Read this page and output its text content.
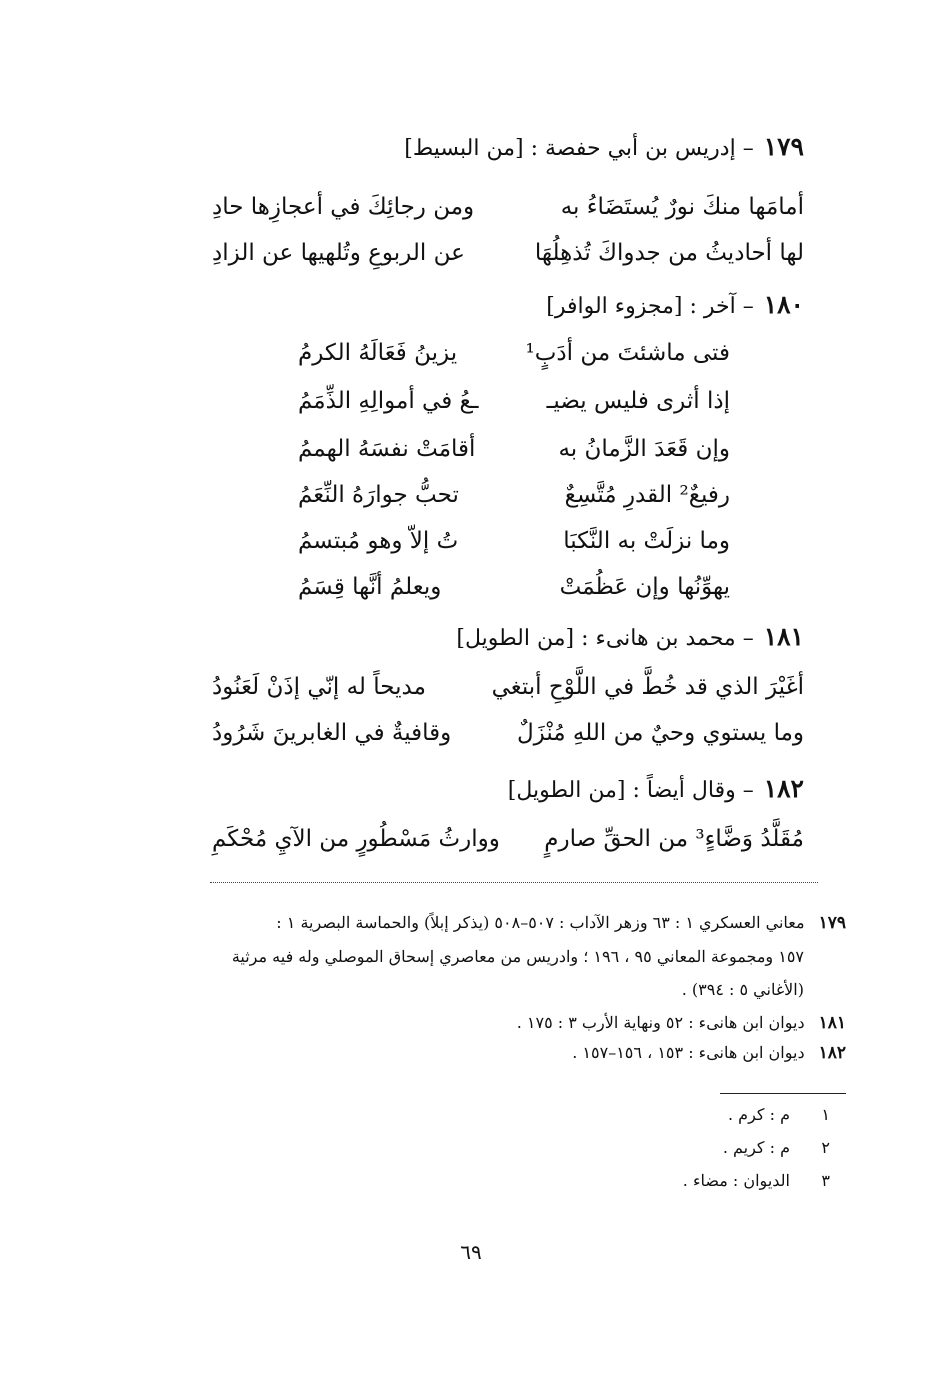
١٧٩– إدريس بن أبي حفصة : [من البسيط]
أمامَها منكَ نورٌ يُستَضَاءُ به
ومن رجائِكَ في أعجازِها حادِ
لها أحاديثُ من جدواكَ تُذهِلُهَا
عن الربوعِ وتُلهيها عن الزادِ
١٨٠– آخر : [مجزوء الوافر]
فتى ماشئتَ من أدَبٍ¹
يزينُ فَعَالَهُ الكرمُ
إذا أثرى فليس يضيـ
ـعُ في أموالِهِ الذِّمَمُ
وإن قَعَدَ الزَّمانُ به
أقامَتْ نفسَهُ الهممُ
رفيعٌ² القدرِ مُتَّسِعٌ
تحبُّ جوارَهُ النِّعَمُ
وما نزلَتْ به النَّكبَا
تُ إلاّ وهو مُبتسمُ
يهوِّنُها وإن عَظُمَتْ
ويعلمُ أنَّها قِسَمُ
١٨١– محمد بن هانىء : [من الطويل]
أغَيْرَ الذي قد خُطَّ في اللَّوْحِ أبتغي
مديحاً له إنّي إذَنْ لَعَنُودُ
وما يستوي وحيٌ من اللهِ مُنْزَلٌ
وقافيةٌ في الغابرينَ شَرُودُ
١٨٢– وقال أيضاً : [من الطويل]
مُقَلَّدُ وَضَّاءٍ³ من الحقِّ صارمٍ
ووارثُ مَسْطُورٍ من الآيِ مُحْكَمِ
١٧٩معاني العسكري ١ : ٦٣ وزهر الآداب : ٥٠٧–٥٠٨ (يذكر إبلاً) والحماسة البصرية ١ :
١٥٧ ومجموعة المعاني ٩٥ ، ١٩٦ ؛ وادريس من معاصري إسحاق الموصلي وله فيه مرثية
(الأغاني ٥ : ٣٩٤) .
١٨١ديوان ابن هانىء : ٥٢ ونهاية الأرب ٣ : ١٧٥ .
١٨٢ديوان ابن هانىء : ١٥٣ ، ١٥٦–١٥٧ .
١م : كرم .
٢م : كريم .
٣الديوان : مضاء .
٦٩
